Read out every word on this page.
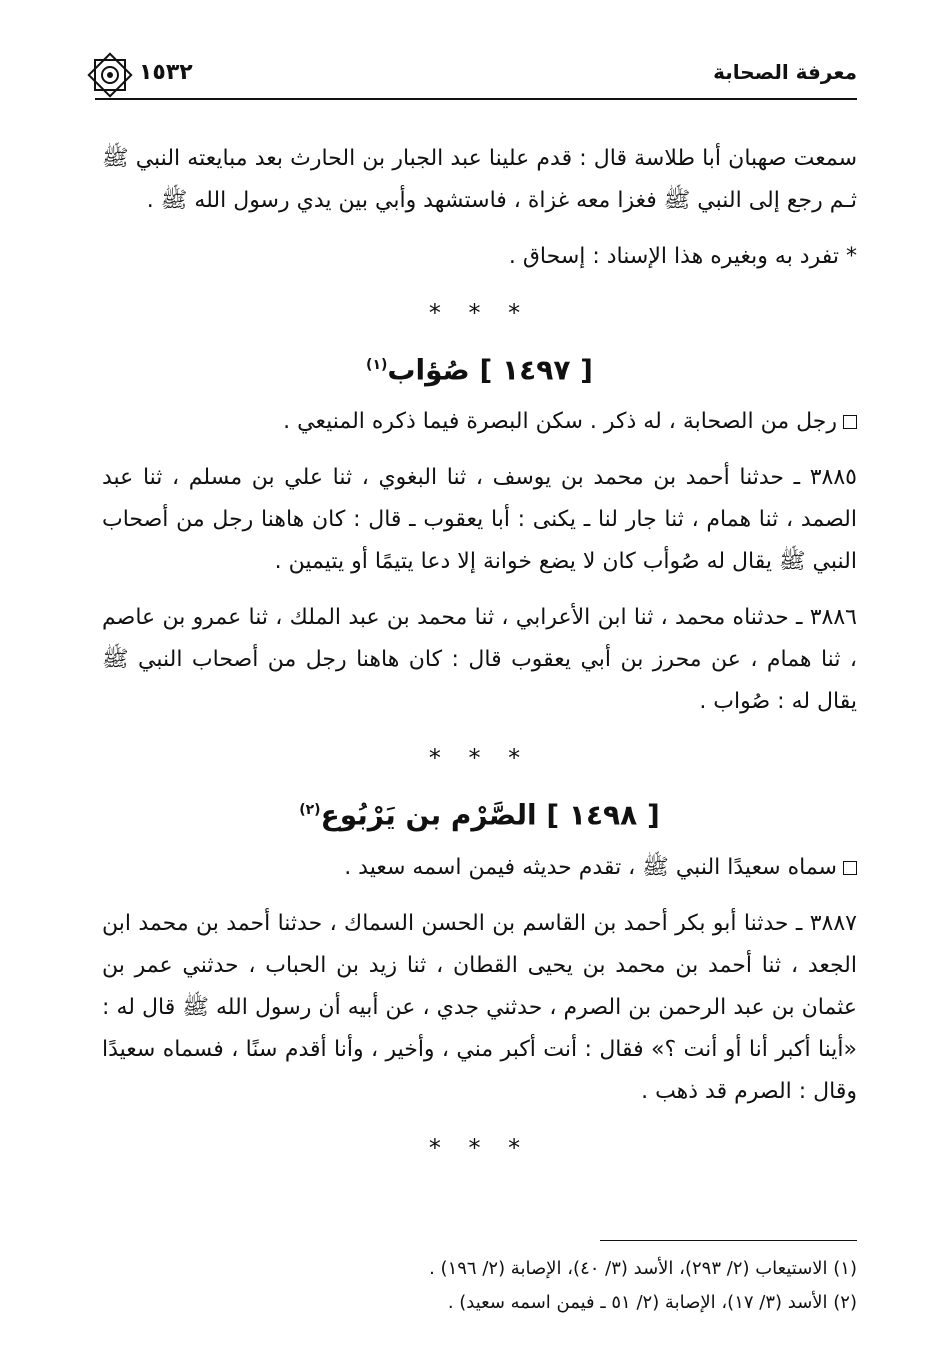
معرفة الصحابة
١٥٣٢

سمعت صهبان أبا طلاسة قال : قدم علينا عبد الجبار بن الحارث بعد مبايعته النبي ﷺ ثـم رجع إلى النبي ﷺ فغزا معه غزاة ، فاستشهد وأبي بين يدي رسول الله ﷺ .

* تفرد به وبغيره هذا الإسناد : إسحاق .

* * *
[ ١٤٩٧ ] صُؤاب$^{(١)}$

رجل من الصحابة ، له ذكر . سكن البصرة فيما ذكره المنيعي .

٣٨٨٥ ـ حدثنا أحمد بن محمد بن يوسف ، ثنا البغوي ، ثنا علي بن مسلم ، ثنا عبد الصمد ، ثنا همام ، ثنا جار لنا ـ يكنى : أبا يعقوب ـ قال : كان هاهنا رجل من أصحاب النبي ﷺ يقال له صُوأب كان لا يضع خوانة إلا دعا يتيمًا أو يتيمين .

٣٨٨٦ ـ حدثناه محمد ، ثنا ابن الأعرابي ، ثنا محمد بن عبد الملك ، ثنا عمرو بن عاصم ، ثنا همام ، عن محرز بن أبي يعقوب قال : كان هاهنا رجل من أصحاب النبي ﷺ يقال له : صُواب .

* * *
[ ١٤٩٨ ] الصَّرْم بن يَرْبُوع$^{(٢)}$

سماه سعيدًا النبي ﷺ ، تقدم حديثه فيمن اسمه سعيد .

٣٨٨٧ ـ حدثنا أبو بكر أحمد بن القاسم بن الحسن السماك ، حدثنا أحمد بن محمد ابن الجعد ، ثنا أحمد بن محمد بن يحيى القطان ، ثنا زيد بن الحباب ، حدثني عمر بن عثمان بن عبد الرحمن بن الصرم ، حدثني جدي ، عن أبيه أن رسول الله ﷺ قال له : «أينا أكبر أنا أو أنت ؟» فقال : أنت أكبر مني ، وأخير ، وأنا أقدم سنًا ، فسماه سعيدًا وقال : الصرم قد ذهب .

* * *

(١) الاستيعاب (٢/ ٢٩٣)، الأسد (٣/ ٤٠)، الإصابة (٢/ ١٩٦) .

(٢) الأسد (٣/ ١٧)، الإصابة (٢/ ٥١ ـ فيمن اسمه سعيد) .
